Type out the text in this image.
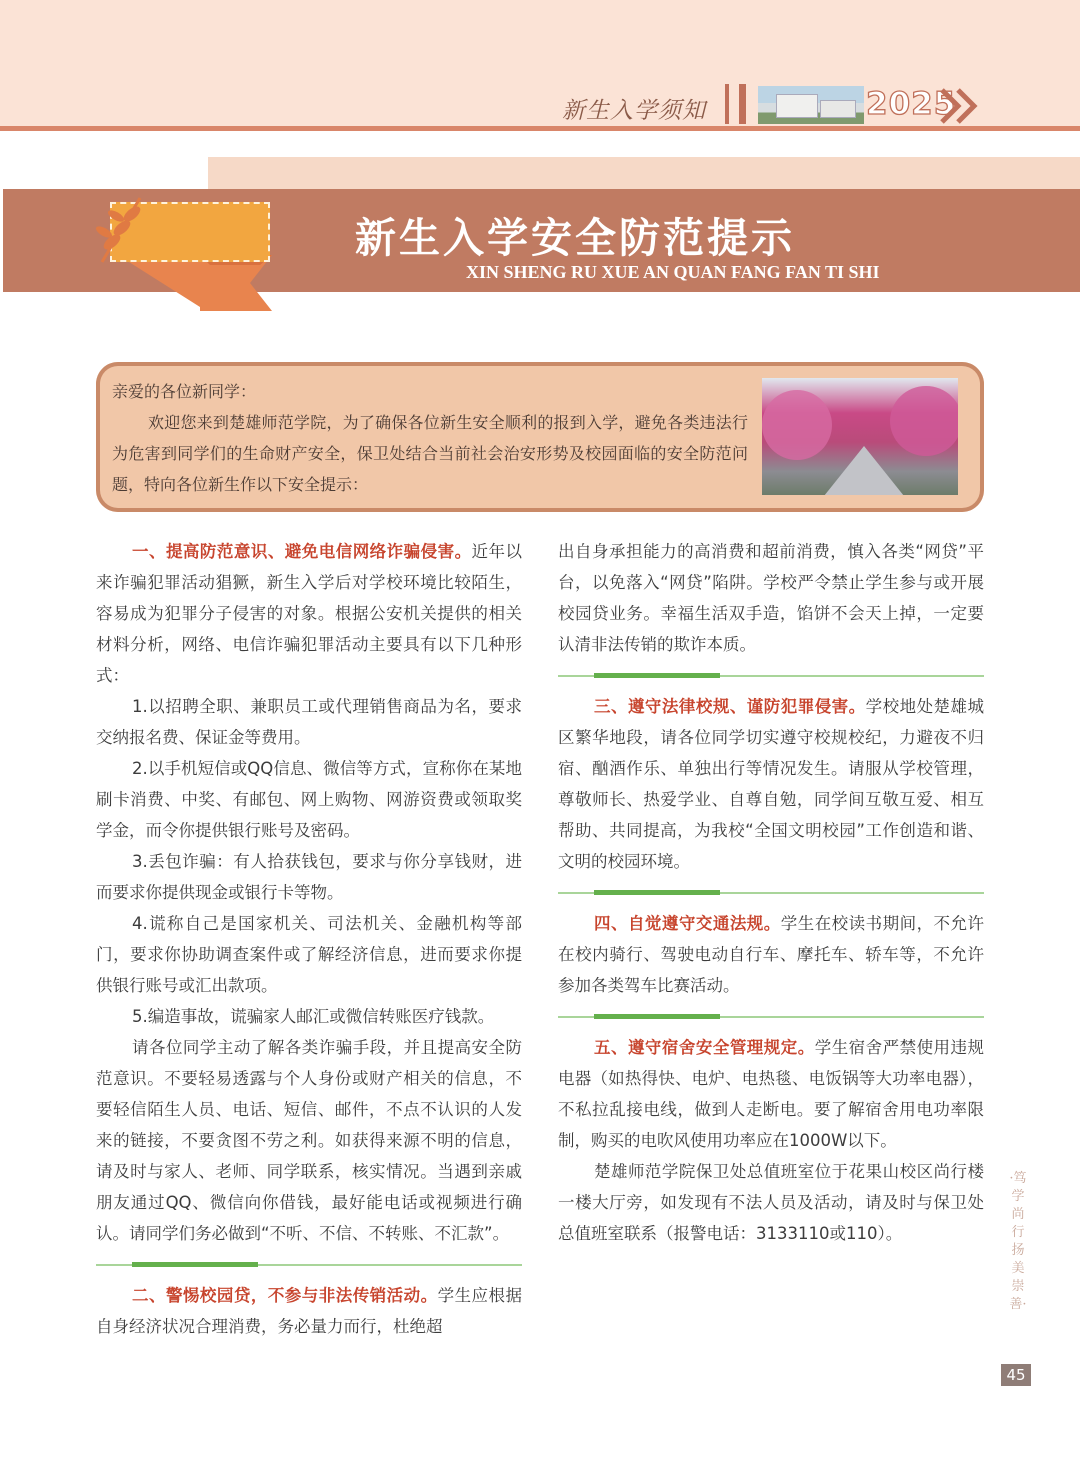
新生入学须知	2025
新生入学安全防范提示
XIN SHENG RU XUE AN QUAN FANG FAN TI SHI

亲爱的各位新同学：

欢迎您来到楚雄师范学院，为了确保各位新生安全顺利的报到入学，避免各类违法行为危害到同学们的生命财产安全，保卫处结合当前社会治安形势及校园面临的安全防范问题，特向各位新生作以下安全提示：

一、提高防范意识、避免电信网络诈骗侵害。近年以来诈骗犯罪活动猖獗，新生入学后对学校环境比较陌生，容易成为犯罪分子侵害的对象。根据公安机关提供的相关材料分析，网络、电信诈骗犯罪活动主要具有以下几种形式：

1.以招聘全职、兼职员工或代理销售商品为名，要求交纳报名费、保证金等费用。

2.以手机短信或QQ信息、微信等方式，宣称你在某地刷卡消费、中奖、有邮包、网上购物、网游资费或领取奖学金，而令你提供银行账号及密码。

3.丢包诈骗：有人拾获钱包，要求与你分享钱财，进而要求你提供现金或银行卡等物。

4.谎称自己是国家机关、司法机关、金融机构等部门，要求你协助调查案件或了解经济信息，进而要求你提供银行账号或汇出款项。

5.编造事故，谎骗家人邮汇或微信转账医疗钱款。

请各位同学主动了解各类诈骗手段，并且提高安全防范意识。不要轻易透露与个人身份或财产相关的信息，不要轻信陌生人员、电话、短信、邮件，不点不认识的人发来的链接，不要贪图不劳之利。如获得来源不明的信息，请及时与家人、老师、同学联系，核实情况。当遇到亲戚朋友通过QQ、微信向你借钱，最好能电话或视频进行确认。请同学们务必做到“不听、不信、不转账、不汇款”。

二、警惕校园贷，不参与非法传销活动。学生应根据自身经济状况合理消费，务必量力而行，杜绝超

出自身承担能力的高消费和超前消费，慎入各类“网贷”平台，以免落入“网贷”陷阱。学校严令禁止学生参与或开展校园贷业务。幸福生活双手造，馅饼不会天上掉，一定要认清非法传销的欺诈本质。

三、遵守法律校规、谨防犯罪侵害。学校地处楚雄城区繁华地段，请各位同学切实遵守校规校纪，力避夜不归宿、酗酒作乐、单独出行等情况发生。请服从学校管理，尊敬师长、热爱学业、自尊自勉，同学间互敬互爱、相互帮助、共同提高，为我校“全国文明校园”工作创造和谐、文明的校园环境。

四、自觉遵守交通法规。学生在校读书期间，不允许在校内骑行、驾驶电动自行车、摩托车、轿车等，不允许参加各类驾车比赛活动。

五、遵守宿舍安全管理规定。学生宿舍严禁使用违规电器（如热得快、电炉、电热毯、电饭锅等大功率电器），不私拉乱接电线，做到人走断电。要了解宿舍用电功率限制，购买的电吹风使用功率应在1000W以下。

楚雄师范学院保卫处总值班室位于花果山校区尚行楼一楼大厅旁，如发现有不法人员及活动，请及时与保卫处总值班室联系（报警电话：3133110或110）。

·笃学尚行 扬美崇善·
45
